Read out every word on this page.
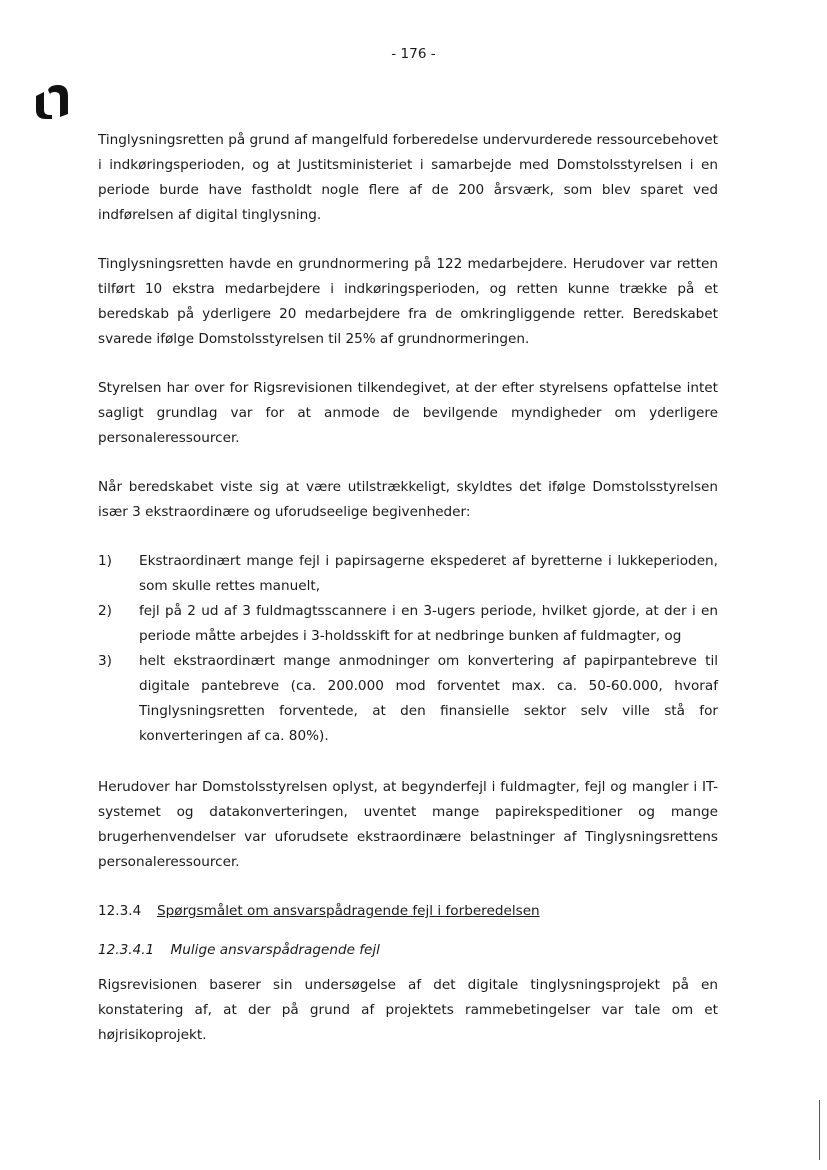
- 176 -

Tinglysningsretten på grund af mangelfuld forberedelse undervurderede ressourcebehovet i indkøringsperioden, og at Justitsministeriet i samarbejde med Domstolsstyrelsen i en periode burde have fastholdt nogle flere af de 200 årsværk, som blev sparet ved indførelsen af digital tinglysning.

Tinglysningsretten havde en grundnormering på 122 medarbejdere. Herudover var retten tilført 10 ekstra medarbejdere i indkøringsperioden, og retten kunne trække på et beredskab på yderligere 20 medarbejdere fra de omkringliggende retter. Beredskabet svarede ifølge Domstolsstyrelsen til 25% af grundnormeringen.

Styrelsen har over for Rigsrevisionen tilkendegivet, at der efter styrelsens opfattelse intet sagligt grundlag var for at anmode de bevilgende myndigheder om yderligere personaleressourcer.

Når beredskabet viste sig at være utilstrækkeligt, skyldtes det ifølge Domstolsstyrelsen især 3 ekstraordinære og uforudseelige begivenheder:

1)	Ekstraordinært mange fejl i papirsagerne ekspederet af byretterne i lukkeperioden, som skulle rettes manuelt,
2)	fejl på 2 ud af 3 fuldmagtsscannere i en 3-ugers periode, hvilket gjorde, at der i en periode måtte arbejdes i 3-holdsskift for at nedbringe bunken af fuldmagter, og
3)	helt ekstraordinært mange anmodninger om konvertering af papirpantebreve til digitale pantebreve (ca. 200.000 mod forventet max. ca. 50-60.000, hvoraf Tinglysningsretten forventede, at den finansielle sektor selv ville stå for konverteringen af ca. 80%).

Herudover har Domstolsstyrelsen oplyst, at begynderfejl i fuldmagter, fejl og mangler i IT-systemet og datakonverteringen, uventet mange papirekspeditioner og mange brugerhenvendelser var uforudsete ekstraordinære belastninger af Tinglysningsrettens personaleressourcer.

12.3.4	Spørgsmålet om ansvarspådragende fejl i forberedelsen
12.3.4.1 Mulige ansvarspådragende fejl

Rigsrevisionen baserer sin undersøgelse af det digitale tinglysningsprojekt på en konstatering af, at der på grund af projektets rammebetingelser var tale om et højrisikoprojekt.
